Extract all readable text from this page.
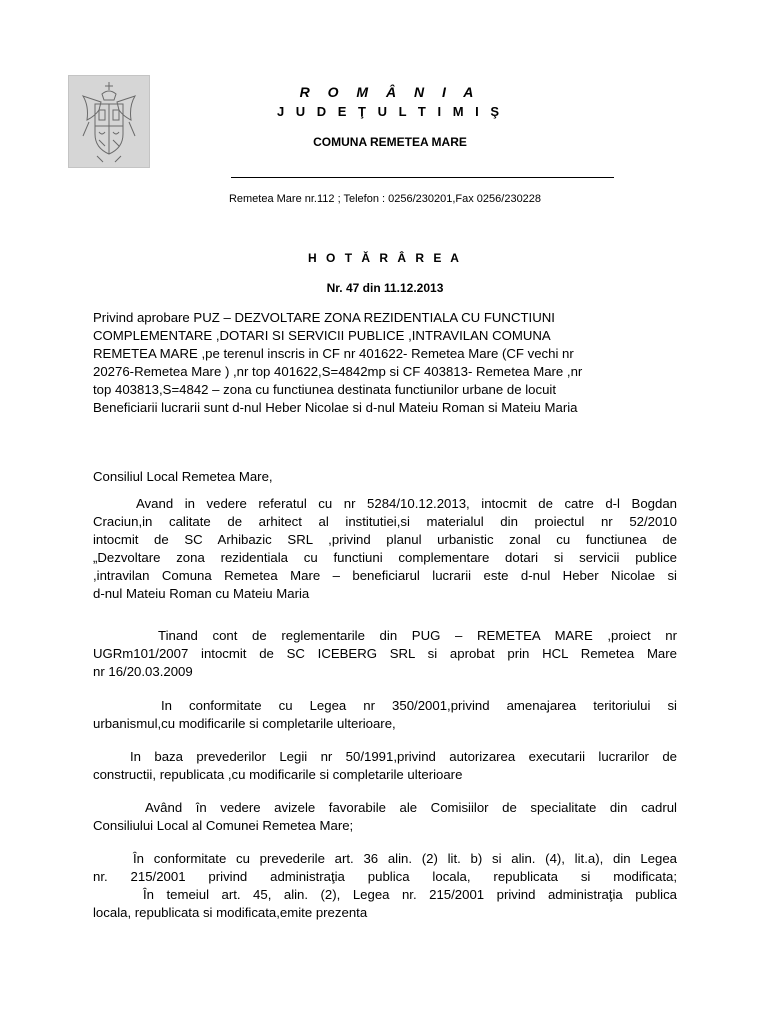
R O M Â N I A
J U D E Ţ U L T I M I Ş
COMUNA REMETEA MARE
Remetea Mare nr.112 ; Telefon : 0256/230201,Fax 0256/230228
H O T Ă R Â R E A
Nr. 47 din 11.12.2013
Privind aprobare PUZ – DEZVOLTARE ZONA REZIDENTIALA CU FUNCTIUNI
COMPLEMENTARE ,DOTARI SI SERVICII PUBLICE ,INTRAVILAN COMUNA
REMETEA MARE ,pe terenul inscris in CF nr 401622- Remetea Mare (CF vechi nr
20276-Remetea Mare ) ,nr top 401622,S=4842mp si CF 403813- Remetea Mare ,nr
top 403813,S=4842 – zona cu functiunea destinata functiunilor urbane de locuit
Beneficiarii lucrarii sunt d-nul Heber Nicolae si d-nul Mateiu Roman si Mateiu Maria
Consiliul Local Remetea Mare,
Avand in vedere referatul cu nr 5284/10.12.2013, intocmit de catre d-l Bogdan
Craciun,in calitate de arhitect al institutiei,si materialul din proiectul nr 52/2010
intocmit de SC Arhibazic SRL ,privind planul urbanistic zonal cu functiunea de
„Dezvoltare zona rezidentiala cu functiuni complementare dotari si servicii publice
,intravilan Comuna Remetea Mare – beneficiarul lucrarii este d-nul Heber Nicolae si
d-nul Mateiu Roman cu Mateiu Maria
Tinand cont de reglementarile din PUG – REMETEA MARE ,proiect nr
UGRm101/2007 intocmit de SC ICEBERG SRL si aprobat prin HCL Remetea Mare
nr 16/20.03.2009
In conformitate cu Legea nr 350/2001,privind amenajarea teritoriului si
urbanismul,cu modificarile si completarile ulterioare,
In baza prevederilor Legii nr 50/1991,privind autorizarea executarii lucrarilor de
constructii, republicata ,cu modificarile si completarile ulterioare
Având în vedere avizele favorabile ale Comisiilor de specialitate din cadrul
Consiliului Local al Comunei Remetea Mare;
În conformitate cu prevederile art. 36 alin. (2) lit. b) si alin. (4), lit.a), din Legea
nr. 215/2001 privind administraţia publica locala, republicata si modificata;
În temeiul art. 45, alin. (2), Legea nr. 215/2001 privind administraţia publica
locala, republicata si modificata,emite prezenta
